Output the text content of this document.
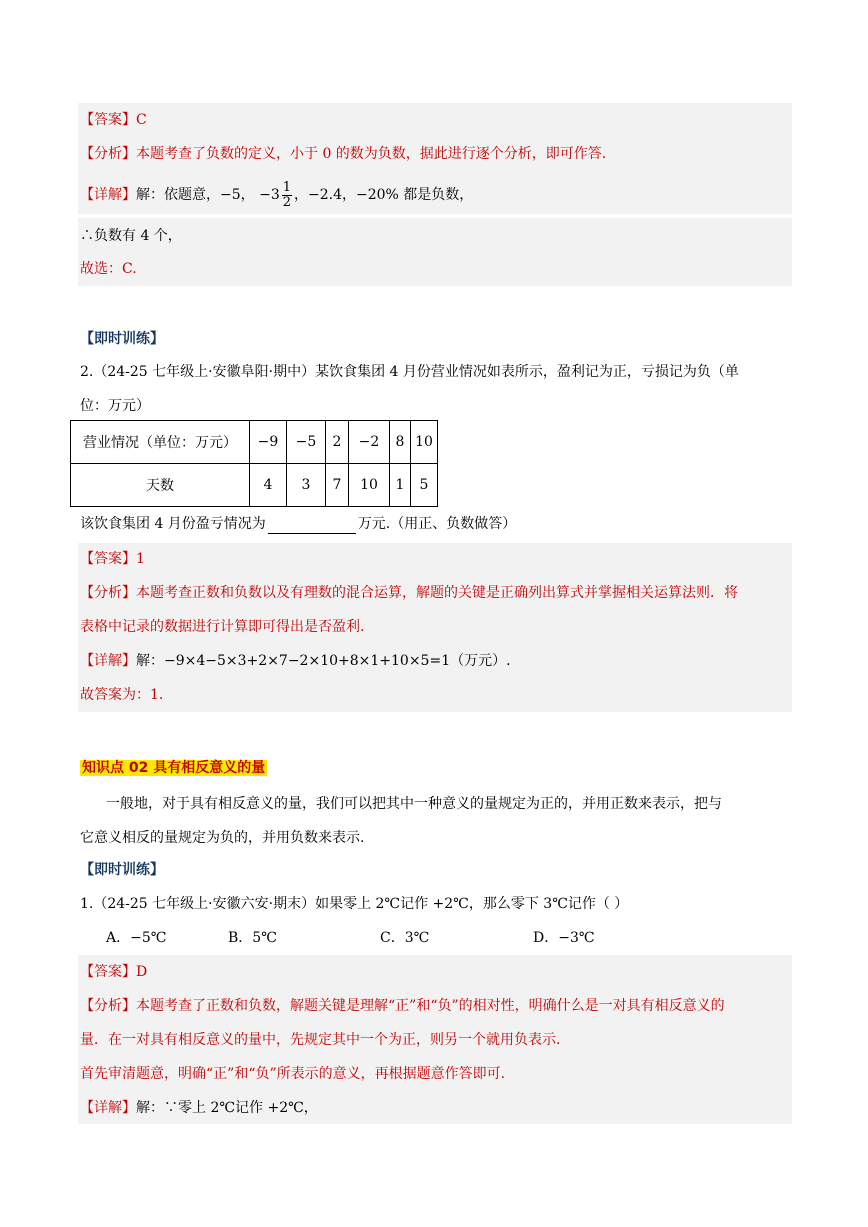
【答案】C
【分析】本题考查了负数的定义，小于 0 的数为负数，据此进行逐个分析，即可作答.
【详解】解：依题意，−5， $-3 \frac{1}{2}$ ，−2.4，−20% 都是负数，
∴负数有 4 个，
故选：C.
【即时训练】
2.（24-25 七年级上·安徽阜阳·期中）某饮食集团 4 月份营业情况如表所示，盈利记为正，亏损记为负（单
位：万元）
营业情况（单位：万元）	−9	−5	2	−2	8	10
天数	4	3	7	10	1	5
该饮食集团 4 月份盈亏情况为	万元.（用正、负数做答）
【答案】1
【分析】本题考查正数和负数以及有理数的混合运算，解题的关键是正确列出算式并掌握相关运算法则．将
表格中记录的数据进行计算即可得出是否盈利.
【详解】解：−9×4−5×3+2×7−2×10+8×1+10×5=1（万元）.
故答案为：1.
知识点 02 具有相反意义的量
一般地，对于具有相反意义的量，我们可以把其中一种意义的量规定为正的，并用正数来表示，把与
它意义相反的量规定为负的，并用负数来表示.
【即时训练】
1.（24-25 七年级上·安徽六安·期末）如果零上 2℃记作 +2℃，那么零下 3℃记作（ ）
A．−5℃	B．5℃	C．3℃	D．−3℃
【答案】D
【分析】本题考查了正数和负数，解题关键是理解“正”和“负”的相对性，明确什么是一对具有相反意义的
量．在一对具有相反意义的量中，先规定其中一个为正，则另一个就用负表示.
首先审清题意，明确“正”和“负”所表示的意义，再根据题意作答即可.
【详解】解：∵零上 2℃记作 +2℃，
